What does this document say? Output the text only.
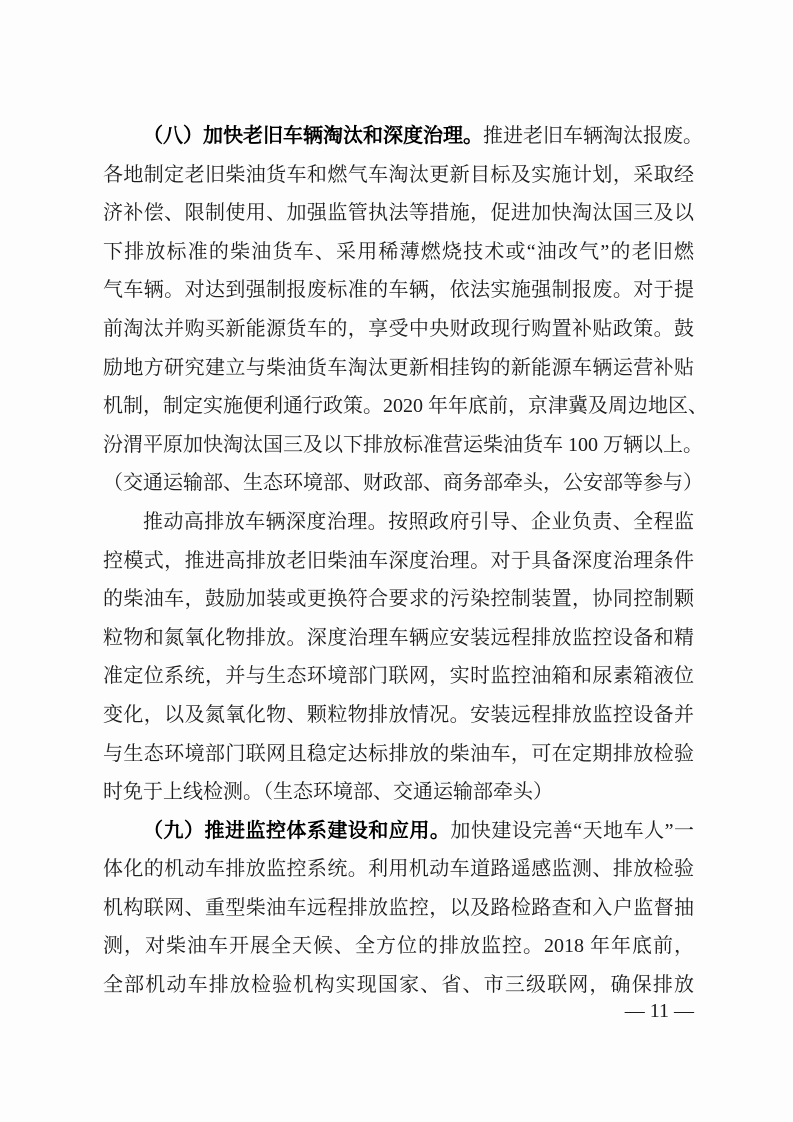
（八）加快老旧车辆淘汰和深度治理。推进老旧车辆淘汰报废。
各地制定老旧柴油货车和燃气车淘汰更新目标及实施计划，采取经
济补偿、限制使用、加强监管执法等措施，促进加快淘汰国三及以
下排放标准的柴油货车、采用稀薄燃烧技术或“油改气”的老旧燃
气车辆。对达到强制报废标准的车辆，依法实施强制报废。对于提
前淘汰并购买新能源货车的，享受中央财政现行购置补贴政策。鼓
励地方研究建立与柴油货车淘汰更新相挂钩的新能源车辆运营补贴
机制，制定实施便利通行政策。2020 年年底前，京津冀及周边地区、
汾渭平原加快淘汰国三及以下排放标准营运柴油货车 100 万辆以上。
（交通运输部、生态环境部、财政部、商务部牵头，公安部等参与）
推动高排放车辆深度治理。按照政府引导、企业负责、全程监
控模式，推进高排放老旧柴油车深度治理。对于具备深度治理条件
的柴油车，鼓励加装或更换符合要求的污染控制装置，协同控制颗
粒物和氮氧化物排放。深度治理车辆应安装远程排放监控设备和精
准定位系统，并与生态环境部门联网，实时监控油箱和尿素箱液位
变化，以及氮氧化物、颗粒物排放情况。安装远程排放监控设备并
与生态环境部门联网且稳定达标排放的柴油车，可在定期排放检验
时免于上线检测。（生态环境部、交通运输部牵头）
（九）推进监控体系建设和应用。加快建设完善“天地车人”一
体化的机动车排放监控系统。利用机动车道路遥感监测、排放检验
机构联网、重型柴油车远程排放监控，以及路检路查和入户监督抽
测，对柴油车开展全天候、全方位的排放监控。2018 年年底前，
全部机动车排放检验机构实现国家、省、市三级联网，确保排放
— 11 —
